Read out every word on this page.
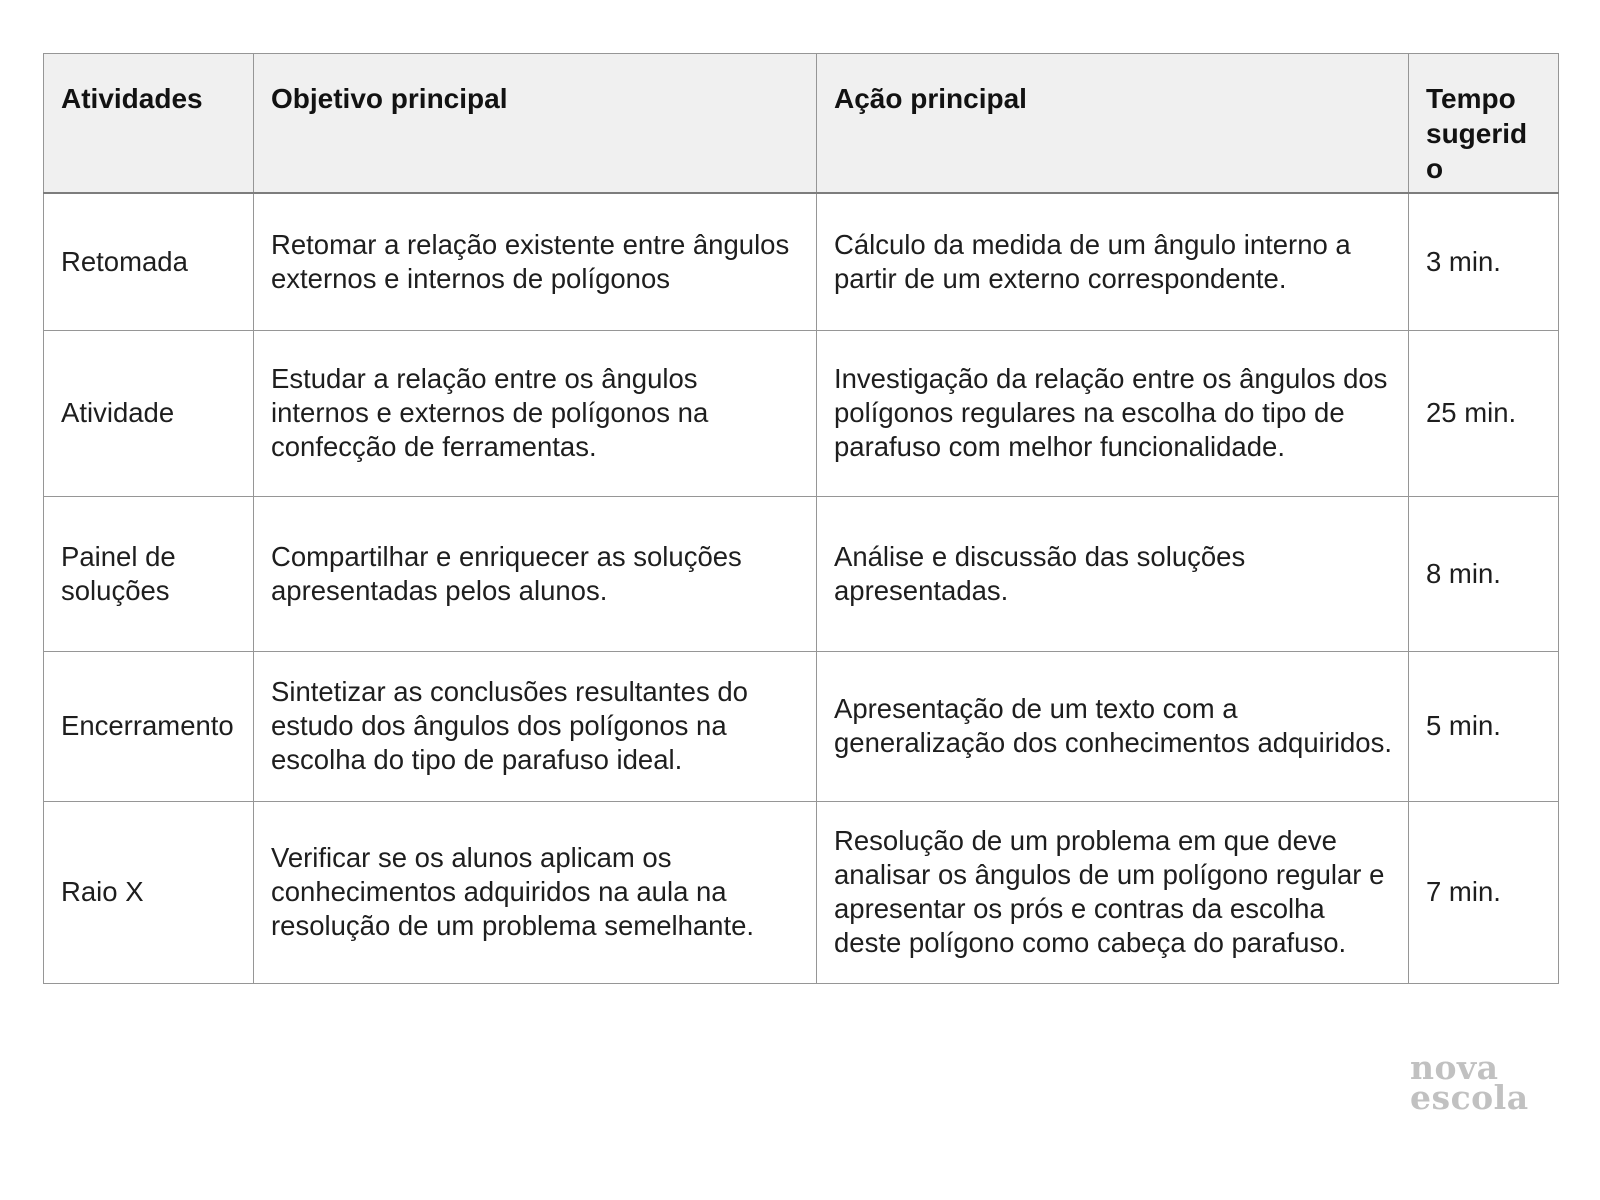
Atividades	Objetivo principal	Ação principal	Tempo sugerido
Retomada	Retomar a relação existente entre ângulos externos e internos de polígonos	Cálculo da medida de um ângulo interno a partir de um externo correspondente.	3 min.
Atividade	Estudar a relação entre os ângulos internos e externos de polígonos na confecção de ferramentas.	Investigação da relação entre os ângulos dos polígonos regulares na escolha do tipo de parafuso com melhor funcionalidade.	25 min.
Painel de soluções	Compartilhar e enriquecer as soluções apresentadas pelos alunos.	Análise e discussão das soluções apresentadas.	8 min.
Encerramento	Sintetizar as conclusões resultantes do estudo dos ângulos dos polígonos na escolha do tipo de parafuso ideal.	Apresentação de um texto com a generalização dos conhecimentos adquiridos.	5 min.
Raio X	Verificar se os alunos aplicam os conhecimentos adquiridos na aula na resolução de um problema semelhante.	Resolução de um problema em que deve analisar os ângulos de um polígono regular e apresentar os prós e contras da escolha deste polígono como cabeça do parafuso.	7 min.
nova
escola
